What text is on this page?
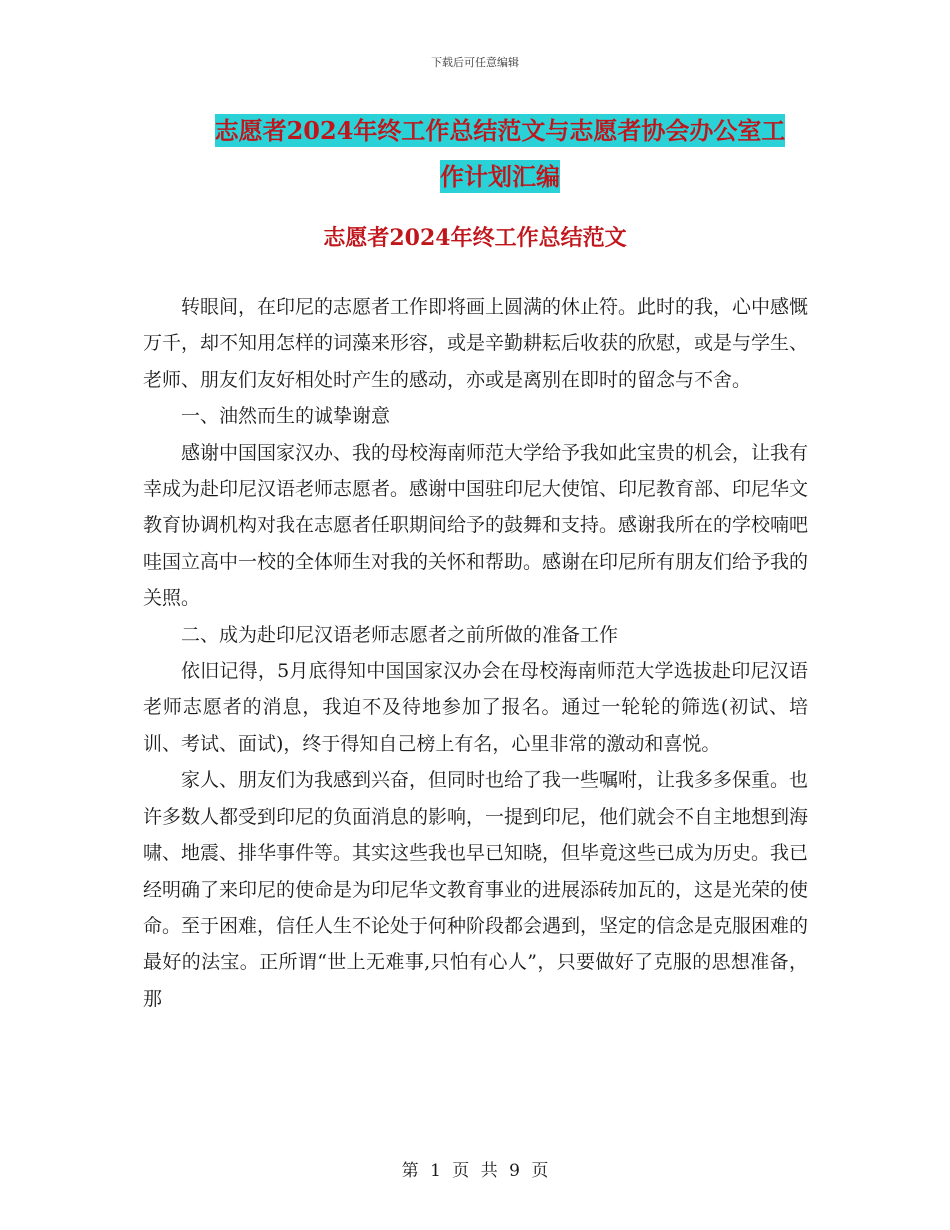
下载后可任意编辑
志愿者2024年终工作总结范文与志愿者协会办公室工
作计划汇编
志愿者2024年终工作总结范文

转眼间，在印尼的志愿者工作即将画上圆满的休止符。此时的我，心中感慨万千，却不知用怎样的词藻来形容，或是辛勤耕耘后收获的欣慰，或是与学生、老师、朋友们友好相处时产生的感动，亦或是离别在即时的留念与不舍。

一、油然而生的诚挚谢意

感谢中国国家汉办、我的母校海南师范大学给予我如此宝贵的机会，让我有幸成为赴印尼汉语老师志愿者。感谢中国驻印尼大使馆、印尼教育部、印尼华文教育协调机构对我在志愿者任职期间给予的鼓舞和支持。感谢我所在的学校喃吧哇国立高中一校的全体师生对我的关怀和帮助。感谢在印尼所有朋友们给予我的关照。

二、成为赴印尼汉语老师志愿者之前所做的准备工作

依旧记得，5月底得知中国国家汉办会在母校海南师范大学选拔赴印尼汉语老师志愿者的消息，我迫不及待地参加了报名。通过一轮轮的筛选(初试、培训、考试、面试)，终于得知自己榜上有名，心里非常的激动和喜悦。

家人、朋友们为我感到兴奋，但同时也给了我一些嘱咐，让我多多保重。也许多数人都受到印尼的负面消息的影响，一提到印尼，他们就会不自主地想到海啸、地震、排华事件等。其实这些我也早已知晓，但毕竟这些已成为历史。我已经明确了来印尼的使命是为印尼华文教育事业的进展添砖加瓦的，这是光荣的使命。至于困难，信任人生不论处于何种阶段都会遇到，坚定的信念是克服困难的最好的法宝。正所谓“世上无难事,只怕有心人”，只要做好了克服的思想准备，那

第 1 页 共 9 页
